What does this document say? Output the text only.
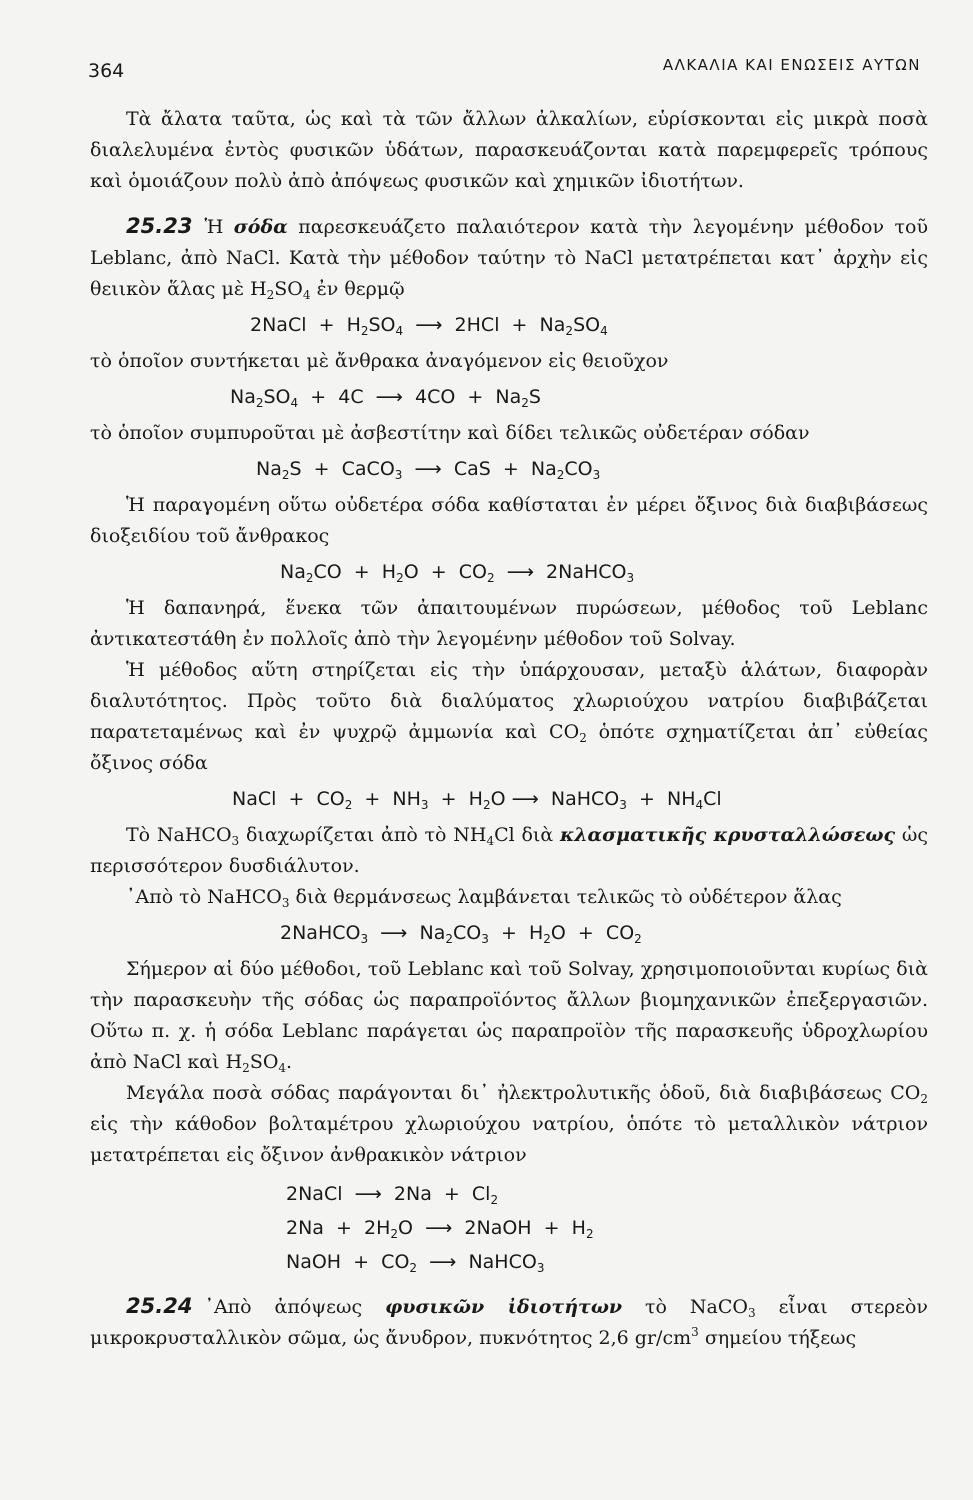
364	ΑΛΚΑΛΙΑ ΚΑΙ ΕΝΩΣΕΙΣ ΑΥΤΩΝ

Τὰ ἄλατα ταῦτα, ὡς καὶ τὰ τῶν ἄλλων ἀλκαλίων, εὑρίσκονται εἰς μικρὰ ποσὰ διαλελυμένα ἐντὸς φυσικῶν ὑδάτων, παρασκευάζονται κατὰ παρεμφερεῖς τρόπους καὶ ὁμοιάζουν πολὺ ἀπὸ ἀπόψεως φυσικῶν καὶ χημικῶν ἰδιοτήτων.

25.23 Ἡ σόδα παρεσκευάζετο παλαιότερον κατὰ τὴν λεγομένην μέθοδον τοῦ Leblanc, ἀπὸ NaCl. Κατὰ τὴν μέθοδον ταύτην τὸ NaCl μετατρέπεται κατ᾽ ἀρχὴν εἰς θειικὸν ἅλας μὲ $H_2SO_4$ ἐν θερμῷ

2NaCl  +  $H_2SO_4$  ⟶  $2HCl + Na_2SO_4$

τὸ ὁποῖον συντήκεται μὲ ἄνθρακα ἀναγόμενον εἰς θειοῦχον

$Na_2SO_4 + 4C$  ⟶  $4CO + Na_2S$

τὸ ὁποῖον συμπυροῦται μὲ ἀσβεστίτην καὶ δίδει τελικῶς οὐδετέραν σόδαν

$Na_2S$  +  CaCO$_3$  ⟶  CaS  +  $Na_2CO_3$

Ἡ παραγομένη οὕτω οὐδετέρα σόδα καθίσταται ἐν μέρει ὄξινος διὰ διαβιβάσεως διοξειδίου τοῦ ἄνθρακος

$Na_2CO + H_2O + CO_2$  ⟶  2NaHCO$_3$

Ἡ δαπανηρά, ἕνεκα τῶν ἀπαιτουμένων πυρώσεων, μέθοδος τοῦ Leblanc ἀντικατεστάθη ἐν πολλοῖς ἀπὸ τὴν λεγομένην μέθοδον τοῦ Solvay.

Ἡ μέθοδος αὕτη στηρίζεται εἰς τὴν ὑπάρχουσαν, μεταξὺ ἁλάτων, διαφορὰν διαλυτότητος. Πρὸς τοῦτο διὰ διαλύματος χλωριούχου νατρίου διαβιβάζεται παρατεταμένως καὶ ἐν ψυχρῷ ἀμμωνία καὶ $CO_2$ ὁπότε σχηματίζεται ἀπ᾽ εὐθείας ὄξινος σόδα

NaCl  +  $CO_2 + NH_3 + H_2O$ ⟶  NaHCO$_3$  +  $NH_4Cl$

Τὸ NaHCO$_3$ διαχωρίζεται ἀπὸ τὸ $NH_4Cl$ διὰ κλασματικῆς κρυσταλλώσεως ὡς περισσότερον δυσδιάλυτον.

᾽Απὸ τὸ NaHCO$_3$ διὰ θερμάνσεως λαμβάνεται τελικῶς τὸ οὐδέτερον ἅλας

2NaHCO$_3$  ⟶  $Na_2CO_3 + H_2O + CO_2$

Σήμερον αἱ δύο μέθοδοι, τοῦ Leblanc καὶ τοῦ Solvay, χρησιμοποιοῦνται κυρίως διὰ τὴν παρασκευὴν τῆς σόδας ὡς παραπροϊόντος ἄλλων βιομηχανικῶν ἐπεξεργασιῶν. Οὕτω π. χ. ἡ σόδα Leblanc παράγεται ὡς παραπροϊὸν τῆς παρασκευῆς ὑδροχλωρίου ἀπὸ NaCl καὶ $H_2SO_4$.

Μεγάλα ποσὰ σόδας παράγονται δι᾽ ἠλεκτρολυτικῆς ὁδοῦ, διὰ διαβιβάσεως $CO_2$ εἰς τὴν κάθοδον βολταμέτρου χλωριούχου νατρίου, ὁπότε τὸ μεταλλικὸν νάτριον μετατρέπεται εἰς ὄξινον ἀνθρακικὸν νάτριον

2NaCl  ⟶  $2Na + Cl_2$
$2Na + 2H_2O$  ⟶  2NaOH  +  $H_2$
NaOH  +  $CO_2$  ⟶  NaHCO$_3$

25.24 ᾽Απὸ ἀπόψεως φυσικῶν ἰδιοτήτων τὸ NaCO$_3$ εἶναι στερεὸν μικροκρυσταλλικὸν σῶμα, ὡς ἄνυδρον, πυκνότητος 2,6 $gr/cm^3$ σημείου τήξεως
